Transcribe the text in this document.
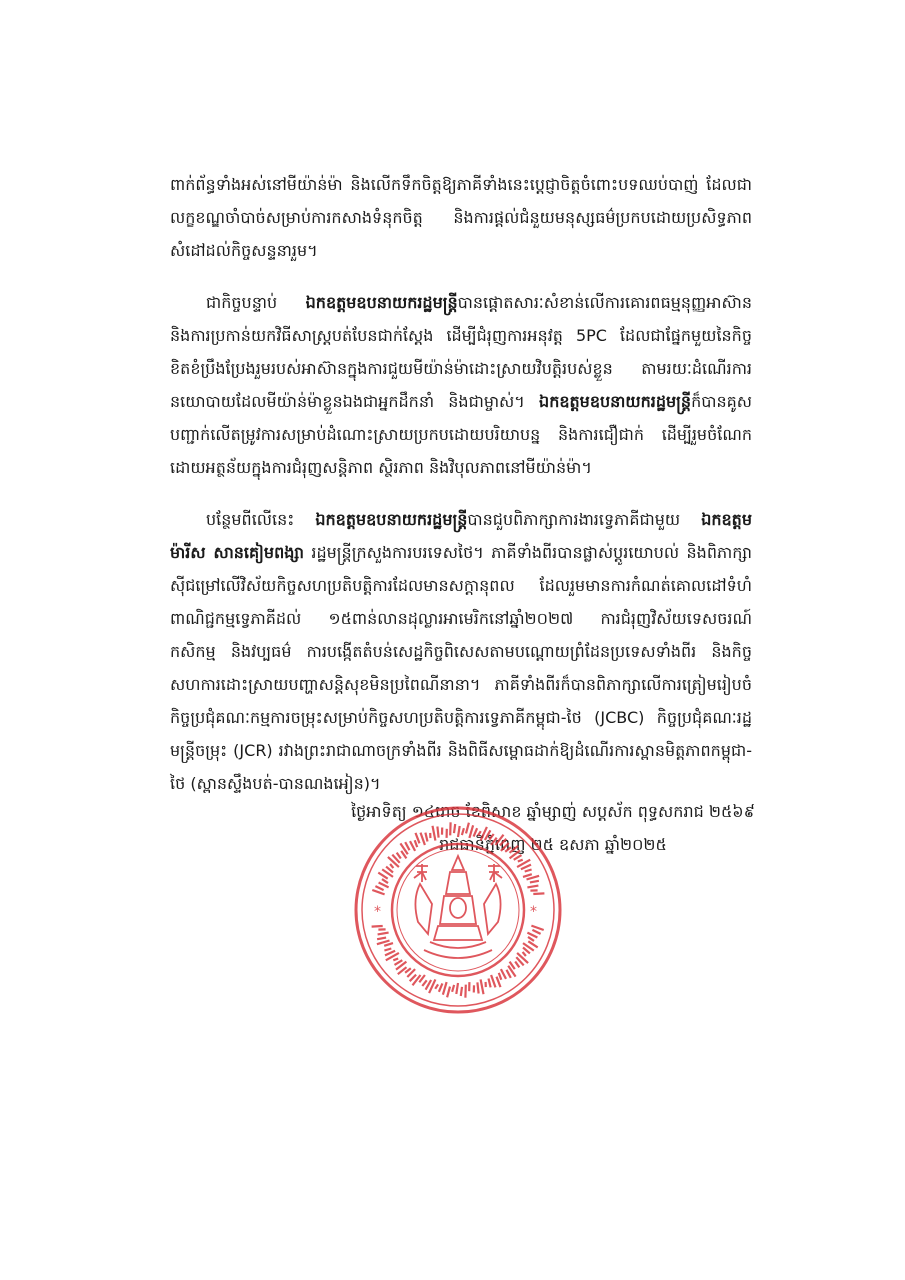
ពាក់ព័ន្ធទាំងអស់នៅមីយ៉ាន់ម៉ា និងលើកទឹកចិត្តឱ្យភាគីទាំងនេះប្ដេជ្ញាចិត្តចំពោះបទឈប់បាញ់ ដែលជាលក្ខខណ្ឌចាំបាច់សម្រាប់ការកសាងទំនុកចិត្ត និងការផ្ដល់ជំនួយមនុស្សធម៌ប្រកបដោយប្រសិទ្ធភាពសំដៅដល់កិច្ចសន្ទនារួម។

ជាកិច្ចបន្ទាប់ ឯកឧត្តមឧបនាយករដ្ឋមន្ត្រីបានផ្ដោតសារៈសំខាន់លើការគោរពធម្មនុញ្ញអាស៊ាន និងការប្រកាន់យកវិធីសាស្ត្របត់បែនជាក់ស្ដែង ដើម្បីជំរុញការអនុវត្ត 5PC ដែលជាផ្នែកមួយនៃកិច្ចខិតខំប្រឹងប្រែងរួមរបស់អាស៊ានក្នុងការជួយមីយ៉ាន់ម៉ាដោះស្រាយវិបត្តិរបស់ខ្លួន តាមរយៈដំណើរការនយោបាយដែលមីយ៉ាន់ម៉ាខ្លួនឯងជាអ្នកដឹកនាំ និងជាម្ចាស់។ ឯកឧត្តមឧបនាយករដ្ឋមន្ត្រីក៏បានគូសបញ្ជាក់លើតម្រូវការសម្រាប់ដំណោះស្រាយប្រកបដោយបរិយាបន្ន និងការជឿជាក់ ដើម្បីរួមចំណែកដោយអត្ថន័យក្នុងការជំរុញសន្តិភាព ស្ថិរភាព និងវិបុលភាពនៅមីយ៉ាន់ម៉ា។

បន្ថែមពីលើនេះ ឯកឧត្តមឧបនាយករដ្ឋមន្ត្រីបានជួបពិភាក្សាការងារទ្វេភាគីជាមួយ ឯកឧត្តម ម៉ារីស សានគៀមពង្សា រដ្ឋមន្ត្រីក្រសួងការបរទេសថៃ។ ភាគីទាំងពីរបានផ្លាស់ប្ដូរយោបល់ និងពិភាក្សាស៊ីជម្រៅលើវិស័យកិច្ចសហប្រតិបត្តិការដែលមានសក្ដានុពល ដែលរួមមានការកំណត់គោលដៅទំហំពាណិជ្ជកម្មទ្វេភាគីដល់ ១៥ពាន់លានដុល្លារអាមេរិកនៅឆ្នាំ២០២៧ ការជំរុញវិស័យទេសចរណ៍ កសិកម្ម និងវប្បធម៌ ការបង្កើតតំបន់សេដ្ឋកិច្ចពិសេសតាមបណ្ដោយព្រំដែនប្រទេសទាំងពីរ និងកិច្ចសហការដោះស្រាយបញ្ហាសន្តិសុខមិនប្រពៃណីនានា។ ភាគីទាំងពីរក៏បានពិភាក្សាលើការត្រៀមរៀបចំកិច្ចប្រជុំគណៈកម្មការចម្រុះសម្រាប់កិច្ចសហប្រតិបត្តិការទ្វេភាគីកម្ពុជា-ថៃ (JCBC) កិច្ចប្រជុំគណៈរដ្ឋមន្ត្រីចម្រុះ (JCR) រវាងព្រះរាជាណាចក្រទាំងពីរ និងពិធីសម្ពោធដាក់ឱ្យដំណើរការស្ពានមិត្តភាពកម្ពុជា-ថៃ (ស្ពានស្ទឹងបត់-បានណងអៀន)។

ថ្ងៃអាទិត្យ ១៤រោច ខែពិសាខ ឆ្នាំម្សាញ់ សប្តស័ក ពុទ្ធសករាជ ២៥៦៩
រាជធានីភ្នំពេញ ២៥ ឧសភា ឆ្នាំ២០២៥
*	*
